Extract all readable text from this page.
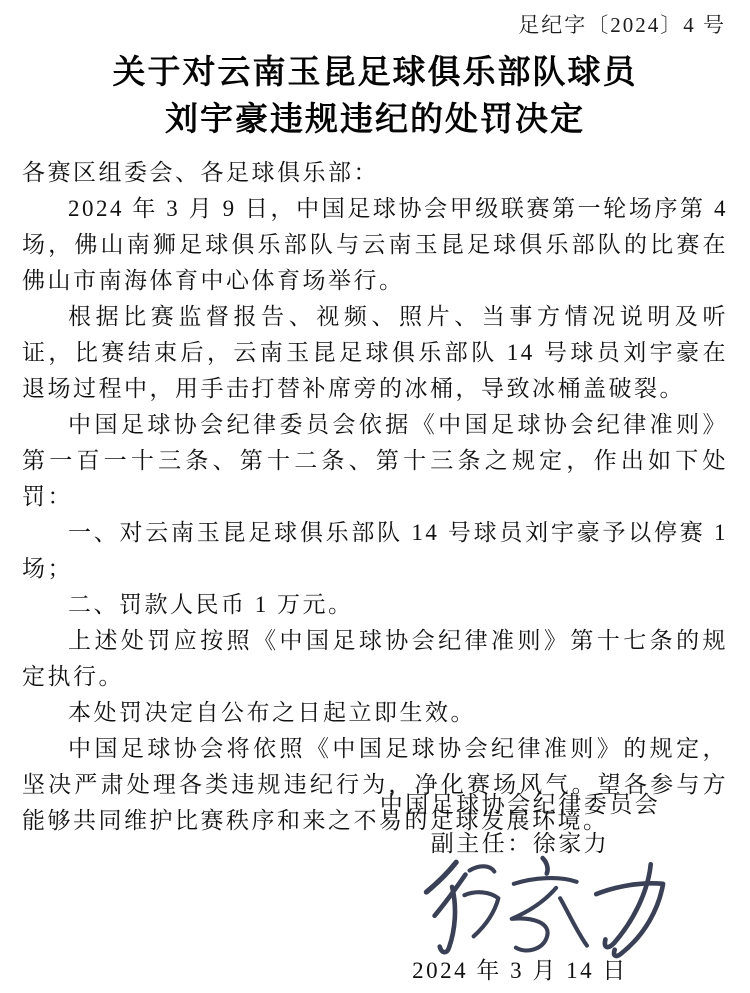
足纪字〔2024〕4 号
关于对云南玉昆足球俱乐部队球员
刘宇豪违规违纪的处罚决定

各赛区组委会、各足球俱乐部：

2024 年 3 月 9 日，中国足球协会甲级联赛第一轮场序第 4 场，佛山南狮足球俱乐部队与云南玉昆足球俱乐部队的比赛在佛山市南海体育中心体育场举行。

根据比赛监督报告、视频、照片、当事方情况说明及听证，比赛结束后，云南玉昆足球俱乐部队 14 号球员刘宇豪在退场过程中，用手击打替补席旁的冰桶，导致冰桶盖破裂。

中国足球协会纪律委员会依据《中国足球协会纪律准则》第一百一十三条、第十二条、第十三条之规定，作出如下处罚：

一、对云南玉昆足球俱乐部队 14 号球员刘宇豪予以停赛 1 场；

二、罚款人民币 1 万元。

上述处罚应按照《中国足球协会纪律准则》第十七条的规定执行。

本处罚决定自公布之日起立即生效。

中国足球协会将依照《中国足球协会纪律准则》的规定，坚决严肃处理各类违规违纪行为，净化赛场风气。望各参与方能够共同维护比赛秩序和来之不易的足球发展环境。

中国足球协会纪律委员会
副主任：徐家力
2024 年 3 月 14 日
